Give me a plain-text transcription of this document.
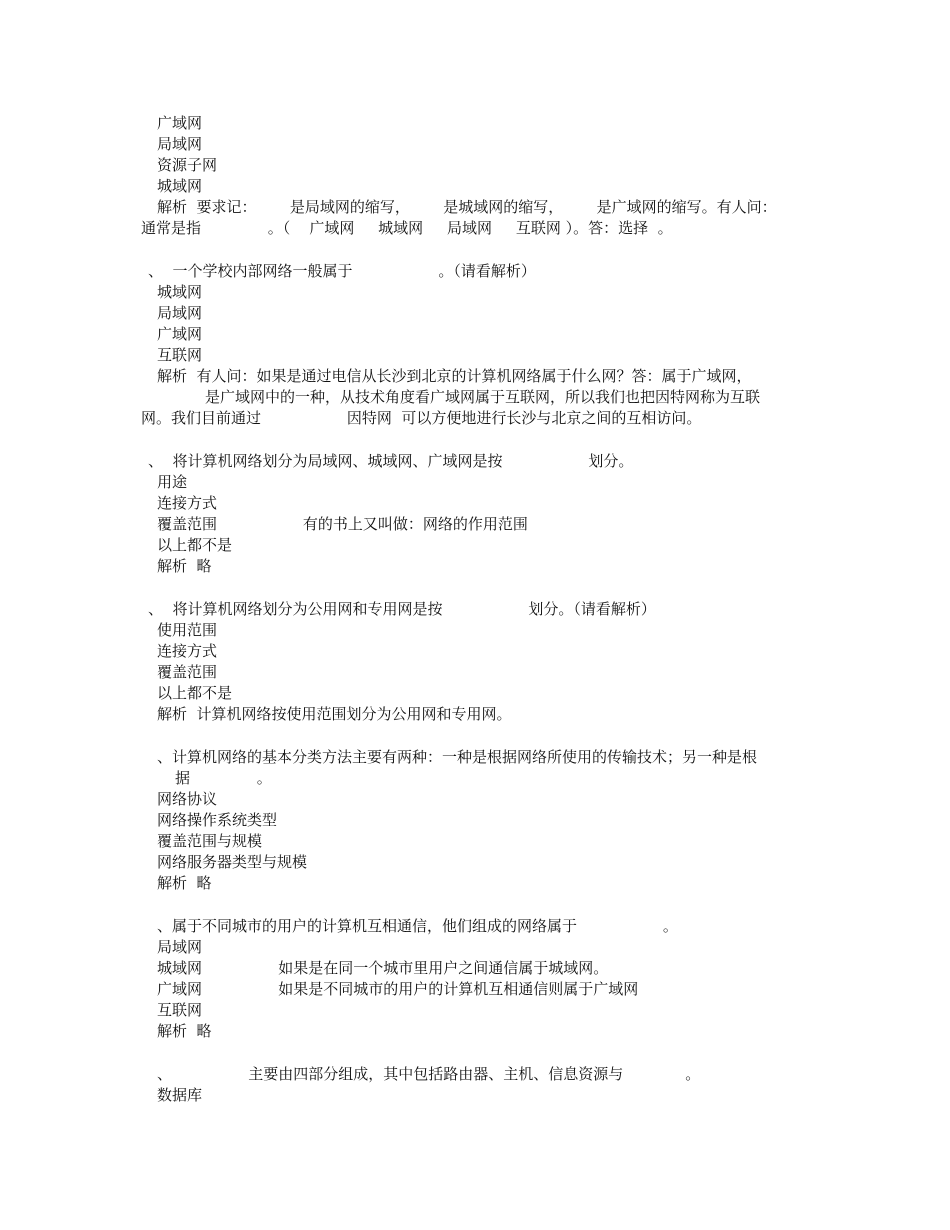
广域网
局域网
资源子网
城域网
解析  要求记：       是局域网的缩写，       是城域网的缩写，       是广域网的缩写。有人问：
通常是指              。（    广域网     城域网     局域网     互联网 ）。答：选择  。
、  一个学校内部网络一般属于                  。（请看解析）
城域网
局域网
广域网
互联网
解析  有人问：如果是通过电信从长沙到北京的计算机网络属于什么网？答：属于广域网，
是广域网中的一种，从技术角度看广域网属于互联网，所以我们也把因特网称为互联
网。我们目前通过                  因特网  可以方便地进行长沙与北京之间的互相访问。
、  将计算机网络划分为局域网、城域网、广域网是按                  划分。
用途
连接方式
覆盖范围                  有的书上又叫做：网络的作用范围
以上都不是
解析  略
、  将计算机网络划分为公用网和专用网是按                  划分。（请看解析）
使用范围
连接方式
覆盖范围
以上都不是
解析  计算机网络按使用范围划分为公用网和专用网。
、计算机网络的基本分类方法主要有两种：一种是根据网络所使用的传输技术；另一种是根
据              。
网络协议
网络操作系统类型
覆盖范围与规模
网络服务器类型与规模
解析  略
、属于不同城市的用户的计算机互相通信，他们组成的网络属于                  。
局域网
城域网                如果是在同一个城市里用户之间通信属于城域网。
广域网                如果是不同城市的用户的计算机互相通信则属于广域网
互联网
解析  略
、                主要由四部分组成，其中包括路由器、主机、信息资源与             。
数据库
